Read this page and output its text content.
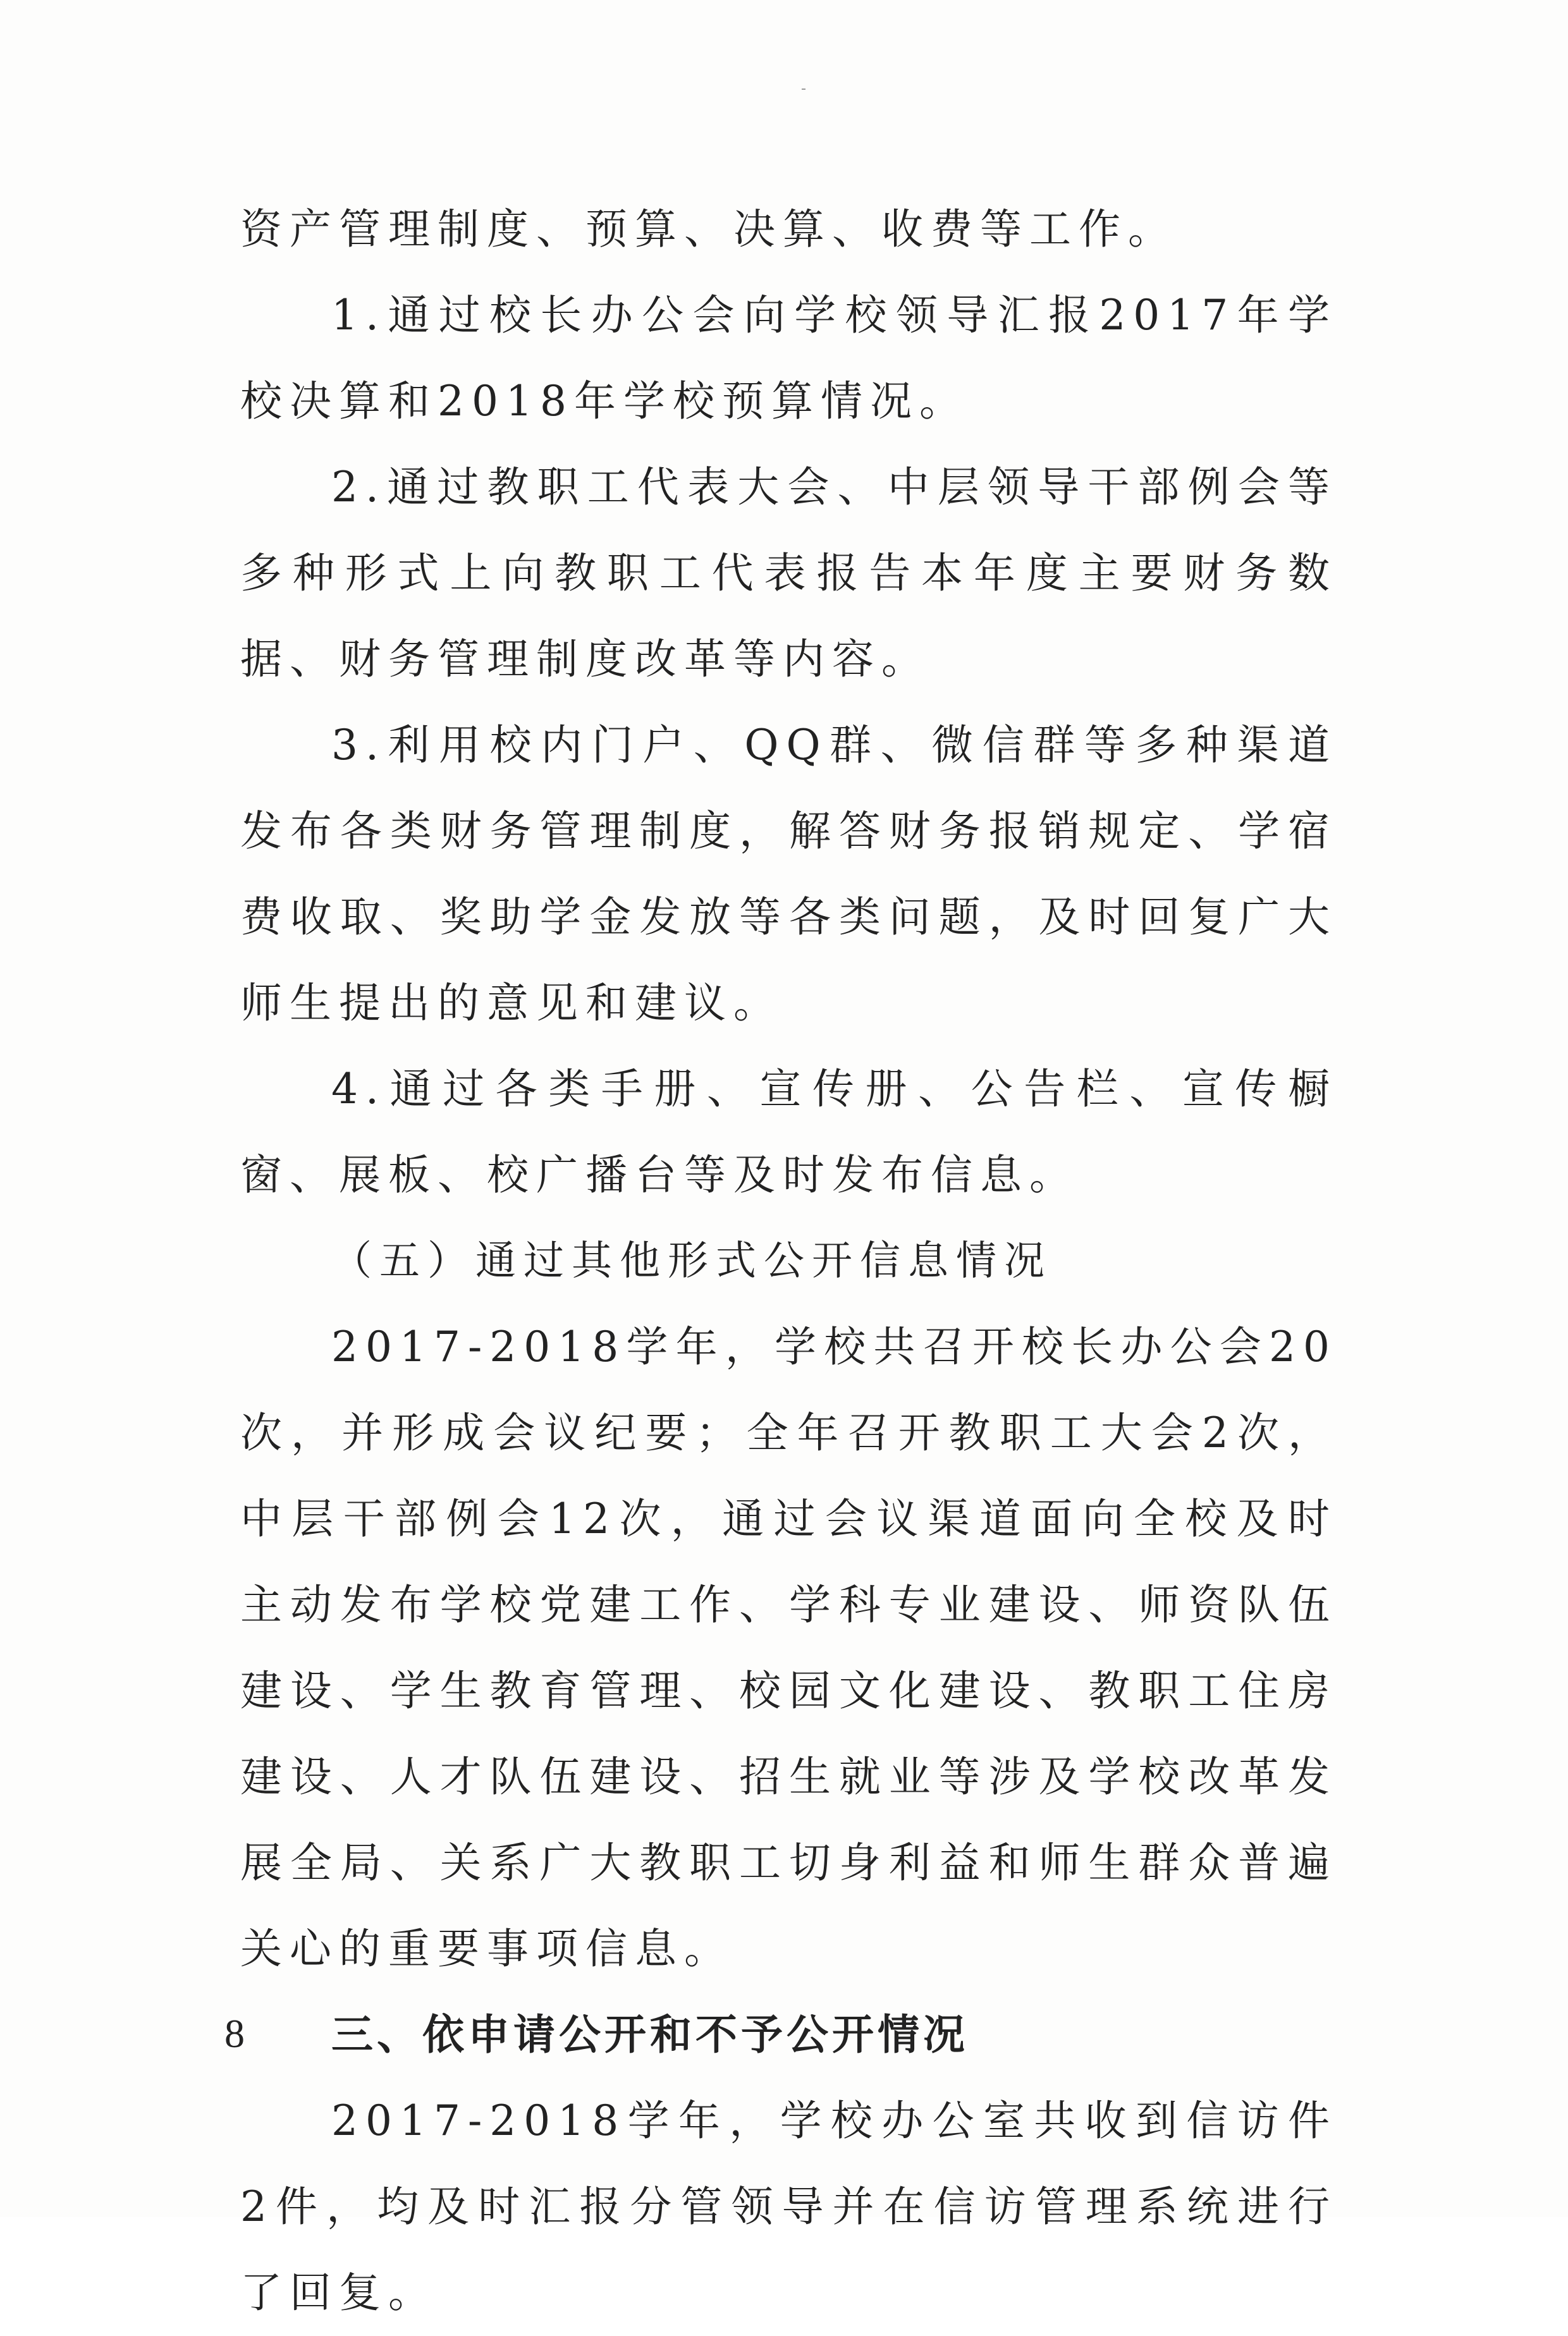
资产管理制度、预算、决算、收费等工作。

1.通过校长办公会向学校领导汇报2017年学校决算和2018年学校预算情况。

2.通过教职工代表大会、中层领导干部例会等多种形式上向教职工代表报告本年度主要财务数据、财务管理制度改革等内容。

3.利用校内门户、QQ群、微信群等多种渠道发布各类财务管理制度，解答财务报销规定、学宿费收取、奖助学金发放等各类问题，及时回复广大师生提出的意见和建议。

4.通过各类手册、宣传册、公告栏、宣传橱窗、展板、校广播台等及时发布信息。

（五）通过其他形式公开信息情况

2017-2018学年，学校共召开校长办公会20次，并形成会议纪要；全年召开教职工大会2次，中层干部例会12次，通过会议渠道面向全校及时主动发布学校党建工作、学科专业建设、师资队伍建设、学生教育管理、校园文化建设、教职工住房建设、人才队伍建设、招生就业等涉及学校改革发展全局、关系广大教职工切身利益和师生群众普遍关心的重要事项信息。

三、依申请公开和不予公开情况

2017-2018学年，学校办公室共收到信访件2件，均及时汇报分管领导并在信访管理系统进行了回复。

8
